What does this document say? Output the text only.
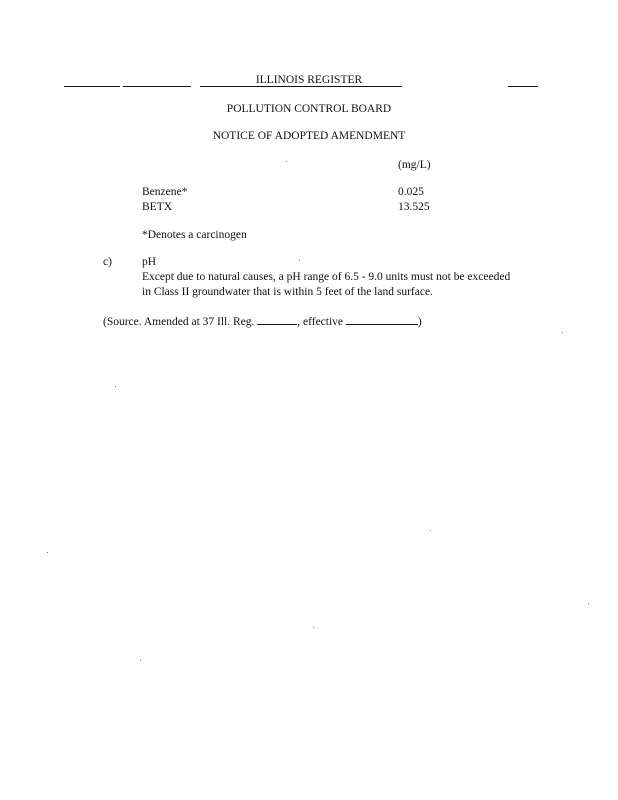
ILLINOIS REGISTER
POLLUTION CONTROL BOARD
NOTICE OF ADOPTED AMENDMENT
(mg/L)
Benzene*	0.025
BETX	13.525
*Denotes a carcinogen
c)	pH
Except due to natural causes, a pH range of 6.5 - 9.0 units must not be exceeded
in Class II groundwater that is within 5 feet of the land surface.
(Source. Amended at 37 Ill. Reg.	, effective	)
